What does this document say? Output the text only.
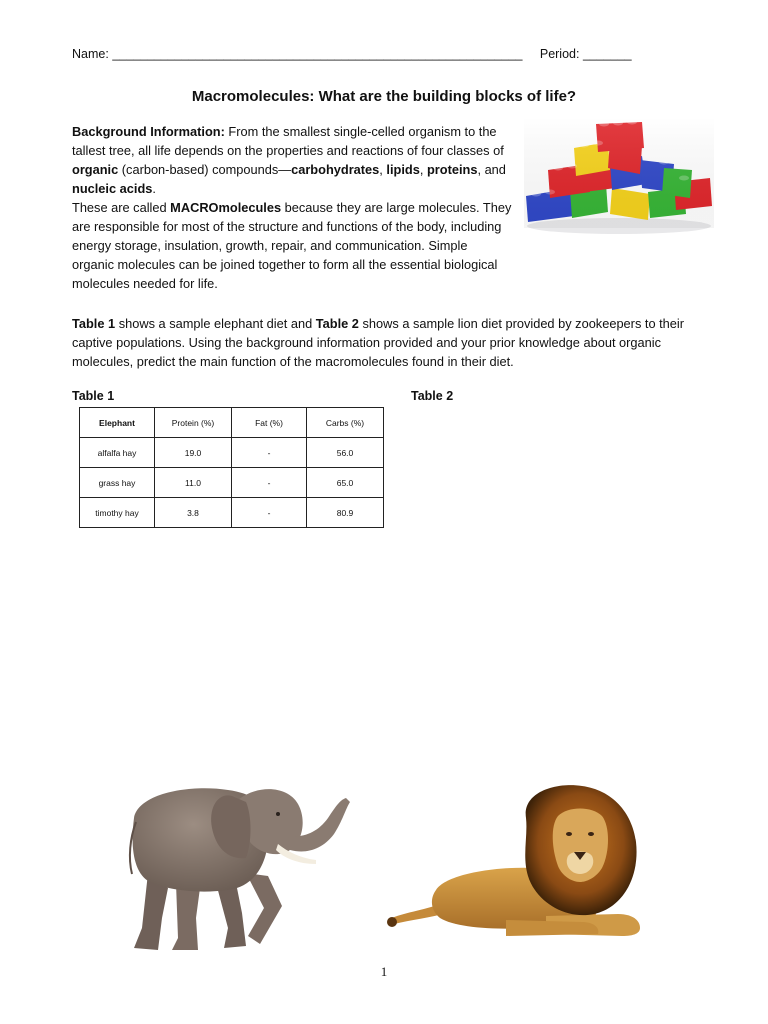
Name: ___________________________________________________________ Period: _______
Macromolecules: What are the building blocks of life?
Background Information: From the smallest single-celled organism to the tallest tree, all life depends on the properties and reactions of four classes of organic (carbon-based) compounds—carbohydrates, lipids, proteins, and nucleic acids.
These are called MACROmolecules because they are large molecules. They are responsible for most of the structure and functions of the body, including energy storage, insulation, growth, repair, and communication. Simple organic molecules can be joined together to form all the essential biological molecules needed for life.
Table 1 shows a sample elephant diet and Table 2 shows a sample lion diet provided by zookeepers to their captive populations. Using the background information provided and your prior knowledge about organic molecules, predict the main function of the macromolecules found in their diet.
Table 1	Table 2
Elephant	Protein (%)	Fat (%)	Carbs (%)
alfalfa hay	19.0	-	56.0
grass hay	11.0	-	65.0
timothy hay	3.8	-	80.9
1
